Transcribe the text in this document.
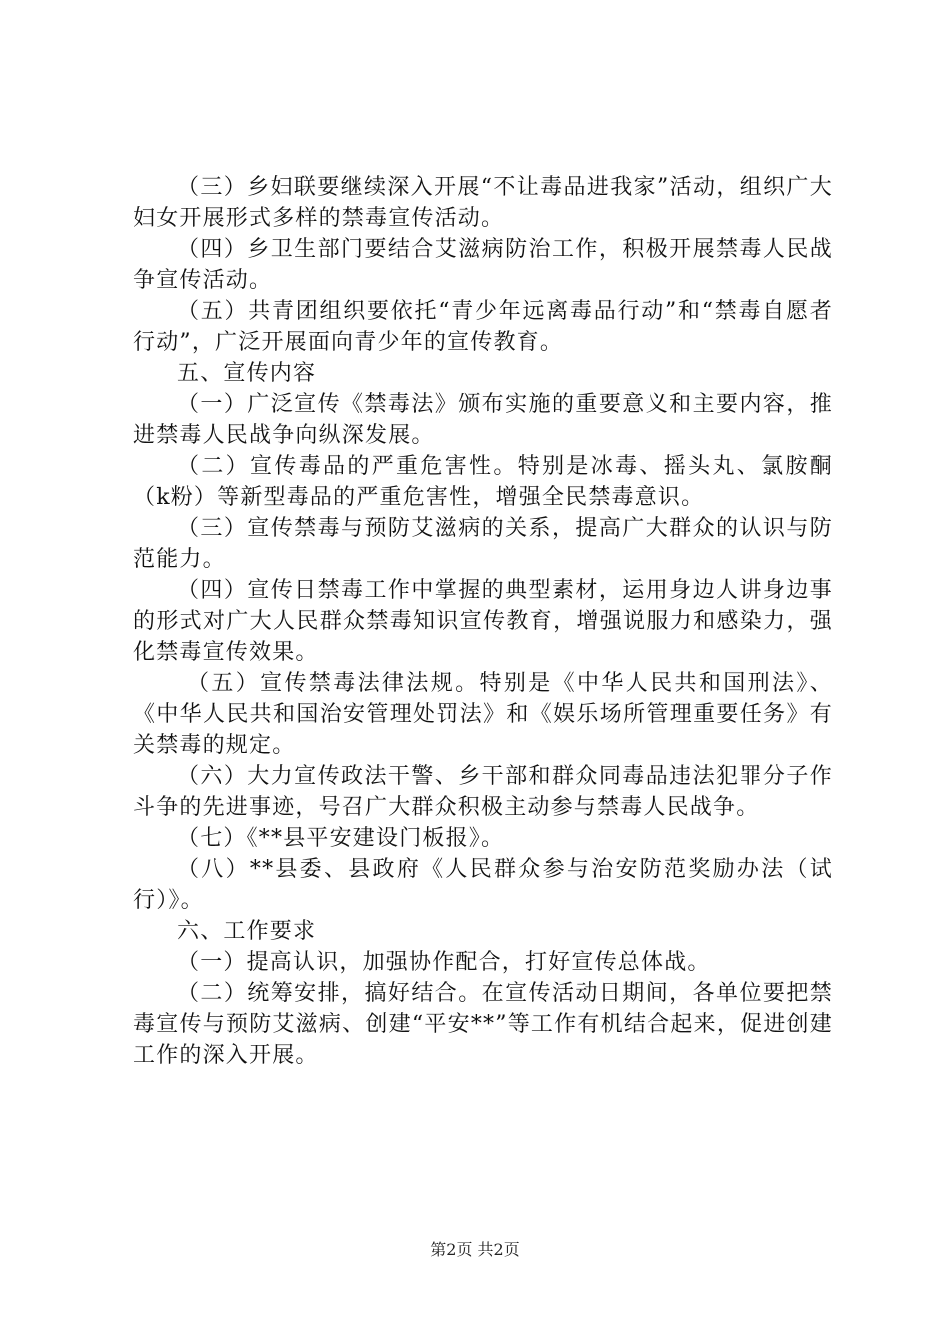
（三）乡妇联要继续深入开展“不让毒品进我家”活动，组织广大妇女开展形式多样的禁毒宣传活动。

（四）乡卫生部门要结合艾滋病防治工作，积极开展禁毒人民战争宣传活动。

（五）共青团组织要依托“青少年远离毒品行动”和“禁毒自愿者行动”，广泛开展面向青少年的宣传教育。

五、宣传内容

（一）广泛宣传《禁毒法》颁布实施的重要意义和主要内容，推进禁毒人民战争向纵深发展。

（二）宣传毒品的严重危害性。特别是冰毒、摇头丸、氯胺酮（k粉）等新型毒品的严重危害性，增强全民禁毒意识。

（三）宣传禁毒与预防艾滋病的关系，提高广大群众的认识与防范能力。

（四）宣传日禁毒工作中掌握的典型素材，运用身边人讲身边事的形式对广大人民群众禁毒知识宣传教育，增强说服力和感染力，强化禁毒宣传效果。

（五）宣传禁毒法律法规。特别是《中华人民共和国刑法》、《中华人民共和国治安管理处罚法》和《娱乐场所管理重要任务》有关禁毒的规定。

（六）大力宣传政法干警、乡干部和群众同毒品违法犯罪分子作斗争的先进事迹，号召广大群众积极主动参与禁毒人民战争。

（七）《**县平安建设门板报》。

（八）**县委、县政府《人民群众参与治安防范奖励办法（试行）》。

六、工作要求

（一）提高认识，加强协作配合，打好宣传总体战。

（二）统筹安排，搞好结合。在宣传活动日期间，各单位要把禁毒宣传与预防艾滋病、创建“平安**”等工作有机结合起来，促进创建工作的深入开展。

第2页 共2页
